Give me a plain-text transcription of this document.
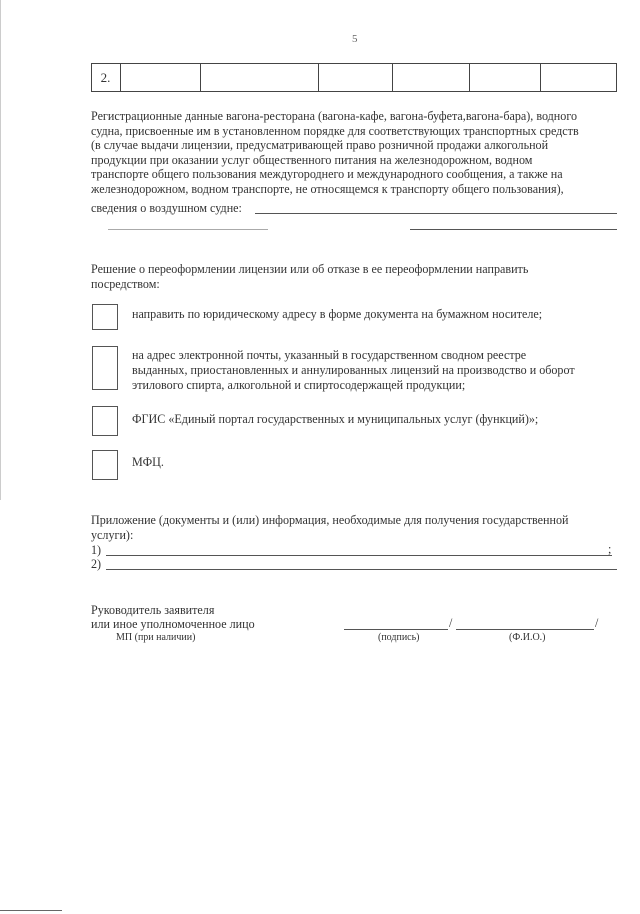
5
2.
Регистрационные данные вагона-ресторана (вагона-кафе, вагона-буфета,вагона-бара), водного
судна, присвоенные им в установленном порядке для соответствующих транспортных средств
(в случае выдачи лицензии, предусматривающей право розничной продажи алкогольной
продукции при оказании услуг общественного питания на железнодорожном, водном
транспорте общего пользования междугороднего и международного сообщения, а также на
железнодорожном, водном транспорте, не относящемся к транспорту общего пользования),
сведения о воздушном судне:
Решение о переоформлении лицензии или об отказе в ее переоформлении направить
посредством:
направить по юридическому адресу в форме документа на бумажном носителе;
на адрес электронной почты, указанный в государственном сводном реестре
выданных, приостановленных и аннулированных лицензий на производство и оборот
этилового спирта, алкогольной и спиртосодержащей продукции;
ФГИС «Единый портал государственных и муниципальных услуг (функций)»;
МФЦ.
Приложение (документы и (или) информация, необходимые для получения государственной
услуги):
1)	;
2)
Руководитель заявителя
или иное уполномоченное лицо	/	/
МП (при наличии)	(подпись)	(Ф.И.О.)
